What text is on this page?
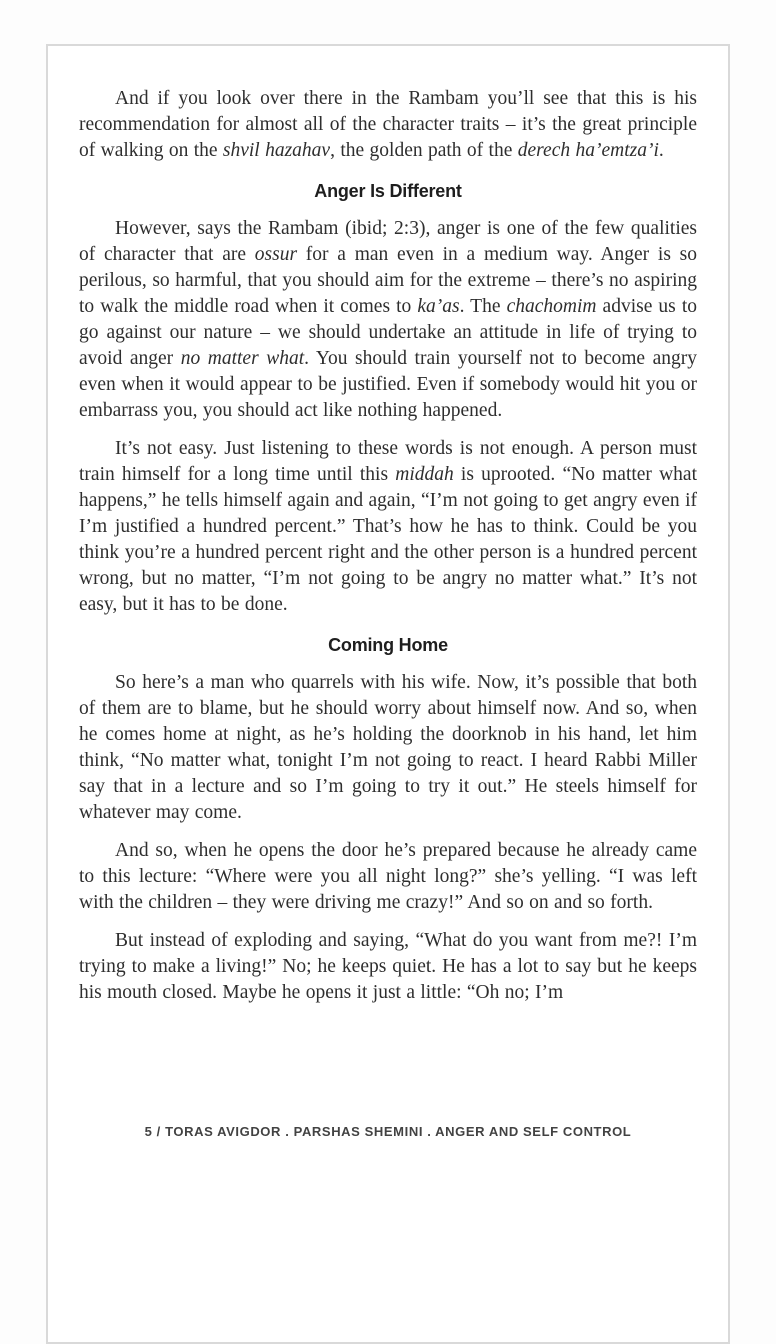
And if you look over there in the Rambam you’ll see that this is his recommendation for almost all of the character traits – it’s the great principle of walking on the shvil hazahav, the golden path of the derech ha’emtza’i.

Anger Is Different

However, says the Rambam (ibid; 2:3), anger is one of the few qualities of character that are ossur for a man even in a medium way. Anger is so perilous, so harmful, that you should aim for the extreme – there’s no aspiring to walk the middle road when it comes to ka’as. The chachomim advise us to go against our nature – we should undertake an attitude in life of trying to avoid anger no matter what. You should train yourself not to become angry even when it would appear to be justified. Even if somebody would hit you or embarrass you, you should act like nothing happened.

It’s not easy. Just listening to these words is not enough. A person must train himself for a long time until this middah is uprooted. “No matter what happens,” he tells himself again and again, “I’m not going to get angry even if I’m justified a hundred percent.” That’s how he has to think. Could be you think you’re a hundred percent right and the other person is a hundred percent wrong, but no matter, “I’m not going to be angry no matter what.” It’s not easy, but it has to be done.

Coming Home

So here’s a man who quarrels with his wife. Now, it’s possible that both of them are to blame, but he should worry about himself now. And so, when he comes home at night, as he’s holding the doorknob in his hand, let him think, “No matter what, tonight I’m not going to react. I heard Rabbi Miller say that in a lecture and so I’m going to try it out.” He steels himself for whatever may come.

And so, when he opens the door he’s prepared because he already came to this lecture: “Where were you all night long?” she’s yelling. “I was left with the children – they were driving me crazy!” And so on and so forth.

But instead of exploding and saying, “What do you want from me?! I’m trying to make a living!” No; he keeps quiet. He has a lot to say but he keeps his mouth closed. Maybe he opens it just a little: “Oh no; I’m

5 / TORAS AVIGDOR . PARSHAS SHEMINI . ANGER AND SELF CONTROL
